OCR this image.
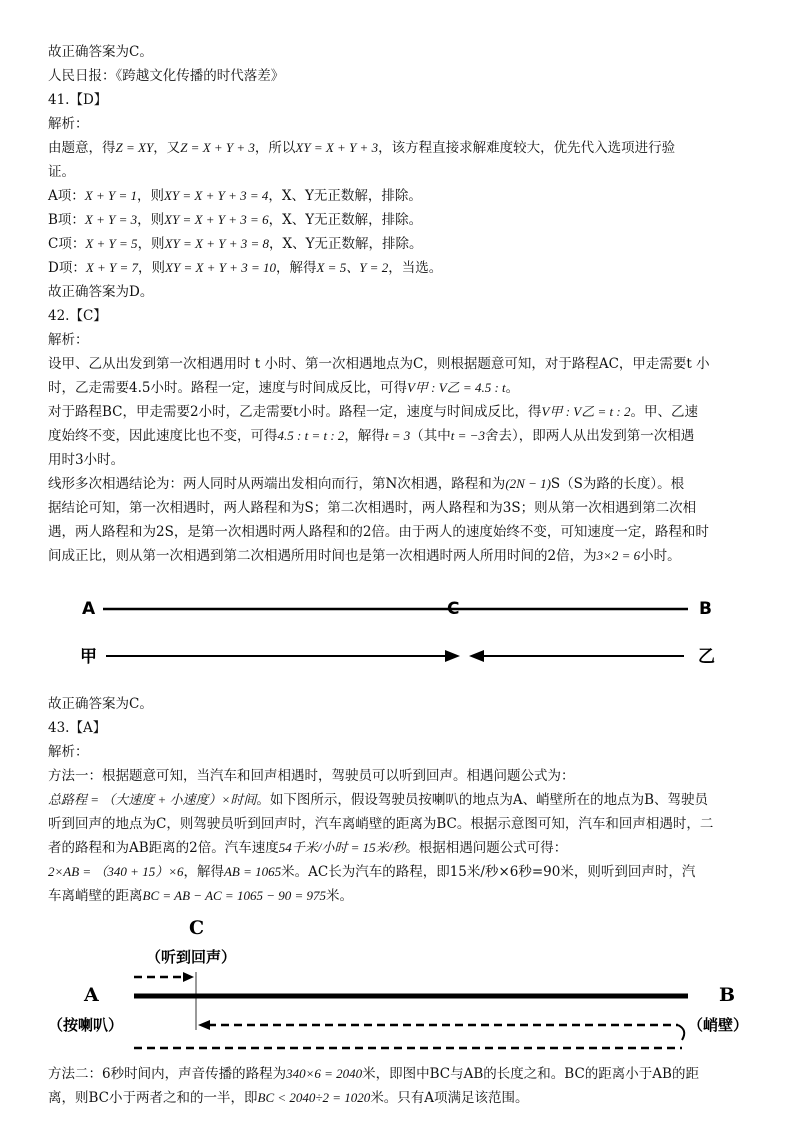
故正确答案为C。
人民日报：《跨越文化传播的时代落差》
41.【D】
解析：
由题意，得Z = XY，又Z = X + Y + 3，所以XY = X + Y + 3，该方程直接求解难度较大，优先代入选项进行验
证。
A项：X + Y = 1，则XY = X + Y + 3 = 4，X、Y无正数解，排除。
B项：X + Y = 3，则XY = X + Y + 3 = 6，X、Y无正数解，排除。
C项：X + Y = 5，则XY = X + Y + 3 = 8，X、Y无正数解，排除。
D项：X + Y = 7，则XY = X + Y + 3 = 10，解得X = 5、Y = 2，当选。
故正确答案为D。
42.【C】
解析：
设甲、乙从出发到第一次相遇用时 t 小时、第一次相遇地点为C，则根据题意可知，对于路程AC，甲走需要t 小
时，乙走需要4.5小时。路程一定，速度与时间成反比，可得V甲 : V乙 = 4.5 : t。
对于路程BC，甲走需要2小时，乙走需要t小时。路程一定，速度与时间成反比，得V甲 : V乙 = t : 2。甲、乙速
度始终不变，因此速度比也不变，可得4.5 : t = t : 2，解得t = 3（其中t = −3舍去），即两人从出发到第一次相遇
用时3小时。
线形多次相遇结论为：两人同时从两端出发相向而行，第N次相遇，路程和为(2N − 1)S（S为路的长度）。根
据结论可知，第一次相遇时，两人路程和为S；第二次相遇时，两人路程和为3S；则从第一次相遇到第二次相
遇，两人路程和为2S，是第一次相遇时两人路程和的2倍。由于两人的速度始终不变，可知速度一定，路程和时
间成正比，则从第一次相遇到第二次相遇所用时间也是第一次相遇时两人所用时间的2倍，为3×2 = 6小时。
A	C	B
甲	乙
故正确答案为C。
43.【A】
解析：
方法一：根据题意可知，当汽车和回声相遇时，驾驶员可以听到回声。相遇问题公式为：
总路程 = （大速度 + 小速度）×时间。如下图所示，假设驾驶员按喇叭的地点为A、峭壁所在的地点为B、驾驶员
听到回声的地点为C，则驾驶员听到回声时，汽车离峭壁的距离为BC。根据示意图可知，汽车和回声相遇时，二
者的路程和为AB距离的2倍。汽车速度54千米/小时 = 15米/秒。根据相遇问题公式可得：
2×AB = （340 + 15）×6，解得AB = 1065米。AC长为汽车的路程，即15米/秒×6秒=90米，则听到回声时，汽
车离峭壁的距离BC = AB − AC = 1065 − 90 = 975米。
C
（听到回声）
A
（按喇叭）
B
（峭壁）
方法二：6秒时间内，声音传播的路程为340×6 = 2040米，即图中BC与AB的长度之和。BC的距离小于AB的距
离，则BC小于两者之和的一半，即BC < 2040÷2 = 1020米。只有A项满足该范围。
